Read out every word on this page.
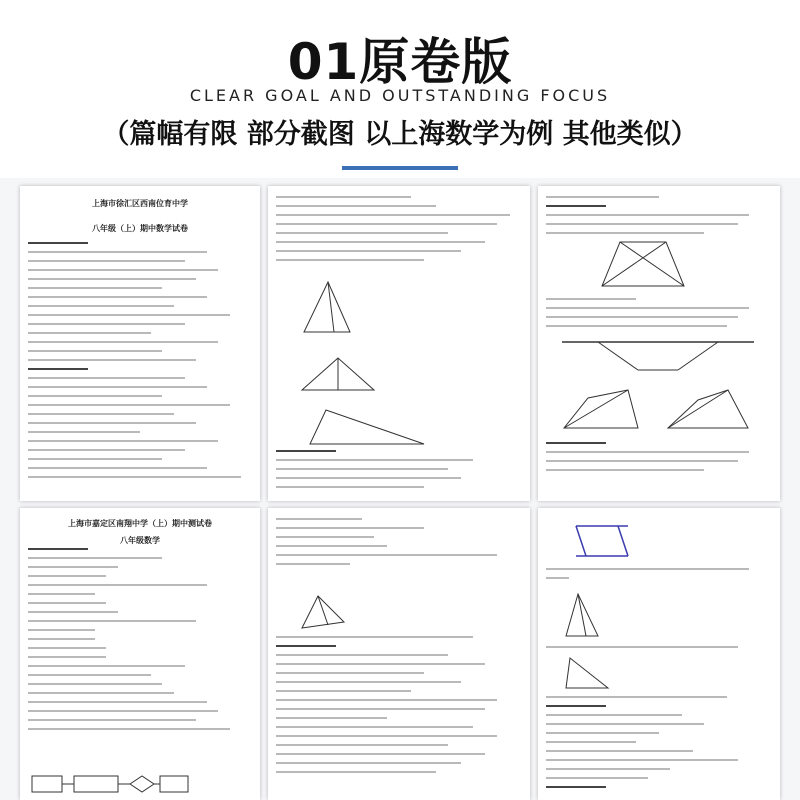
01原卷版
CLEAR GOAL AND OUTSTANDING FOCUS
（篇幅有限 部分截图 以上海数学为例 其他类似）
上海市徐汇区西南位育中学
八年级（上）期中数学试卷
上海市嘉定区南翔中学（上）期中测试卷
八年级数学
